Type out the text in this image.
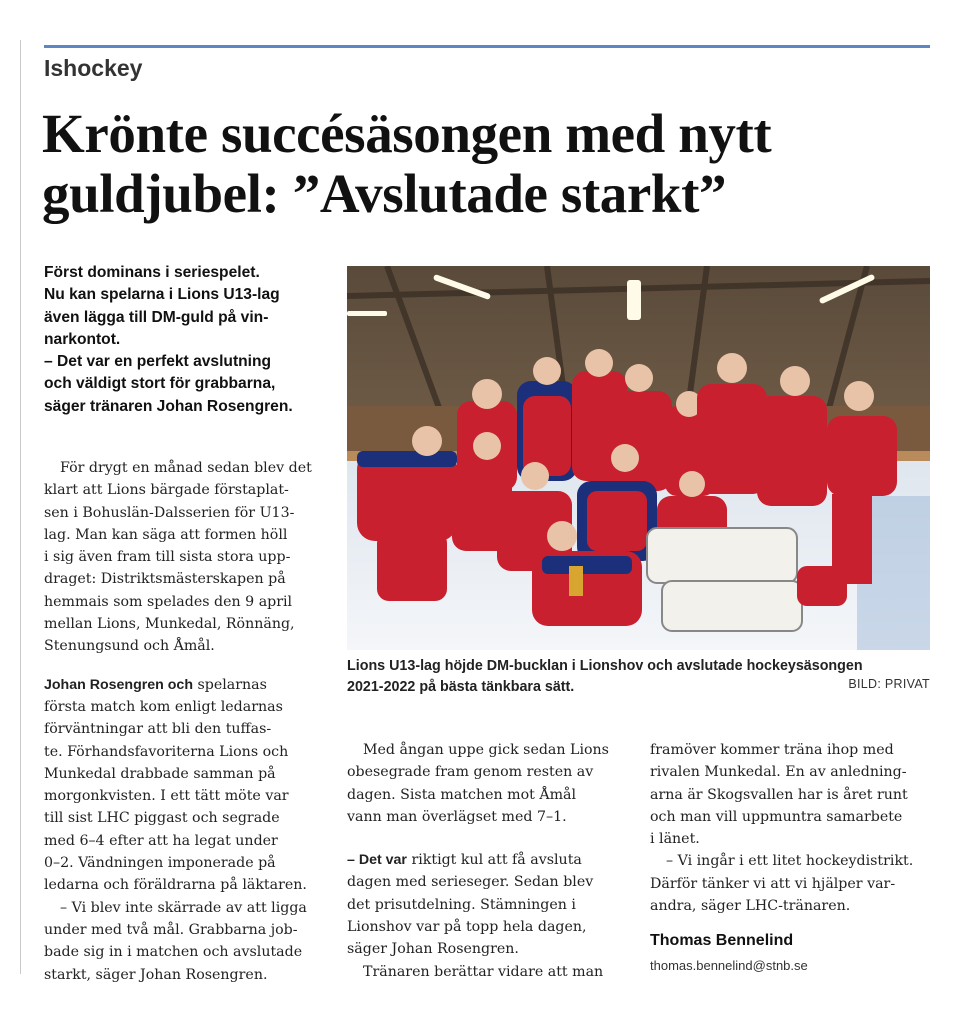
Ishockey
Krönte succésäsongen med nytt
guldjubel: ”Avslutade starkt”
Först dominans i seriespelet.
Nu kan spelarna i Lions U13-lag
även lägga till DM-guld på vin-
narkontot.
– Det var en perfekt avslutning
och väldigt stort för grabbarna,
säger tränaren Johan Rosengren.
För drygt en månad sedan blev det
klart att Lions bärgade förstaplat-
sen i Bohuslän-Dalsserien för U13-
lag. Man kan säga att formen höll
i sig även fram till sista stora upp-
draget: Distriktsmästerskapen på
hemmais som spelades den 9 april
mellan Lions, Munkedal, Rönnäng,
Stenungsund och Åmål.
Johan Rosengren och spelarnas
första match kom enligt ledarnas
förväntningar att bli den tuffas-
te. Förhandsfavoriterna Lions och
Munkedal drabbade samman på
morgonkvisten. I ett tätt möte var
till sist LHC piggast och segrade
med 6–4 efter att ha legat under
0–2. Vändningen imponerade på
ledarna och föräldrarna på läktaren.
– Vi blev inte skärrade av att ligga
under med två mål. Grabbarna job-
bade sig in i matchen och avslutade
starkt, säger Johan Rosengren.
Lions U13-lag höjde DM-bucklan i Lionshov och avslutade hockeysäsongen
2021-2022 på bästa tänkbara sätt.	BILD: PRIVAT
Med ångan uppe gick sedan Lions
obesegrade fram genom resten av
dagen. Sista matchen mot Åmål
vann man överlägset med 7–1.
– Det var riktigt kul att få avsluta
dagen med serieseger. Sedan blev
det prisutdelning. Stämningen i
Lionshov var på topp hela dagen,
säger Johan Rosengren.
Tränaren berättar vidare att man
framöver kommer träna ihop med
rivalen Munkedal. En av anledning-
arna är Skogsvallen har is året runt
och man vill uppmuntra samarbete
i länet.
– Vi ingår i ett litet hockeydistrikt.
Därför tänker vi att vi hjälper var-
andra, säger LHC-tränaren.
Thomas Bennelind
thomas.bennelind@stnb.se
